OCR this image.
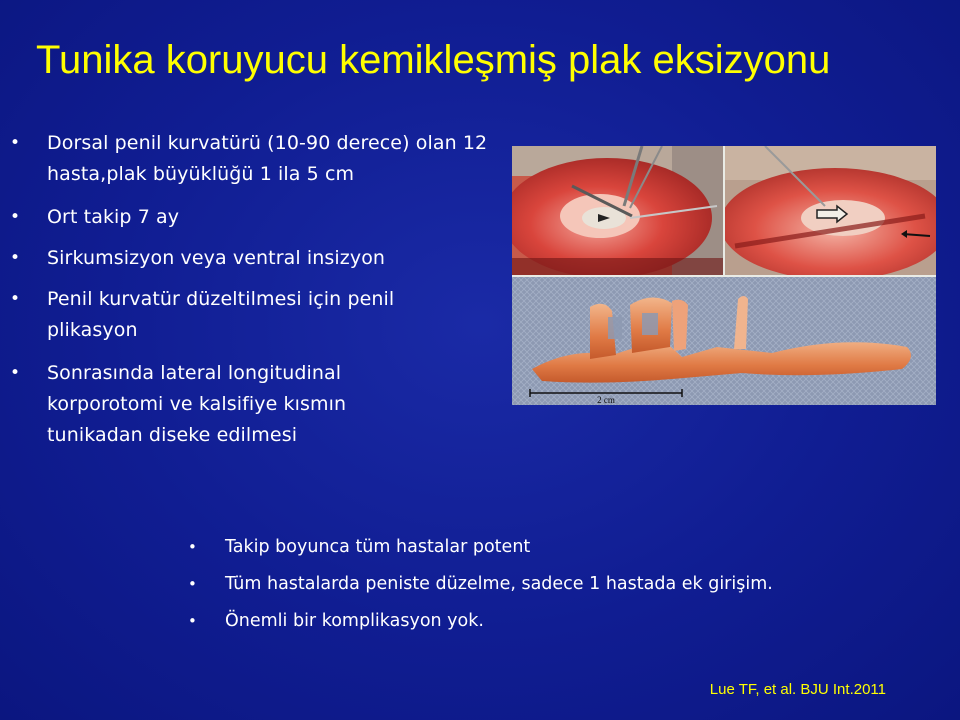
Tunika koruyucu kemikleşmiş plak eksizyonu
• Dorsal penil kurvatürü (10-90 derece) olan 12 hasta,plak büyüklüğü 1 ila 5 cm
• Ort takip 7 ay
• Sirkumsizyon veya ventral insizyon
• Penil kurvatür düzeltilmesi için penil plikasyon
• Sonrasında lateral longitudinal korporotomi ve kalsifiye kısmın tunikadan diseke edilmesi
2 cm
• Takip boyunca tüm hastalar potent
• Tüm hastalarda peniste düzelme, sadece 1 hastada ek girişim.
• Önemli bir komplikasyon yok.
Lue TF, et al. BJU Int.2011
